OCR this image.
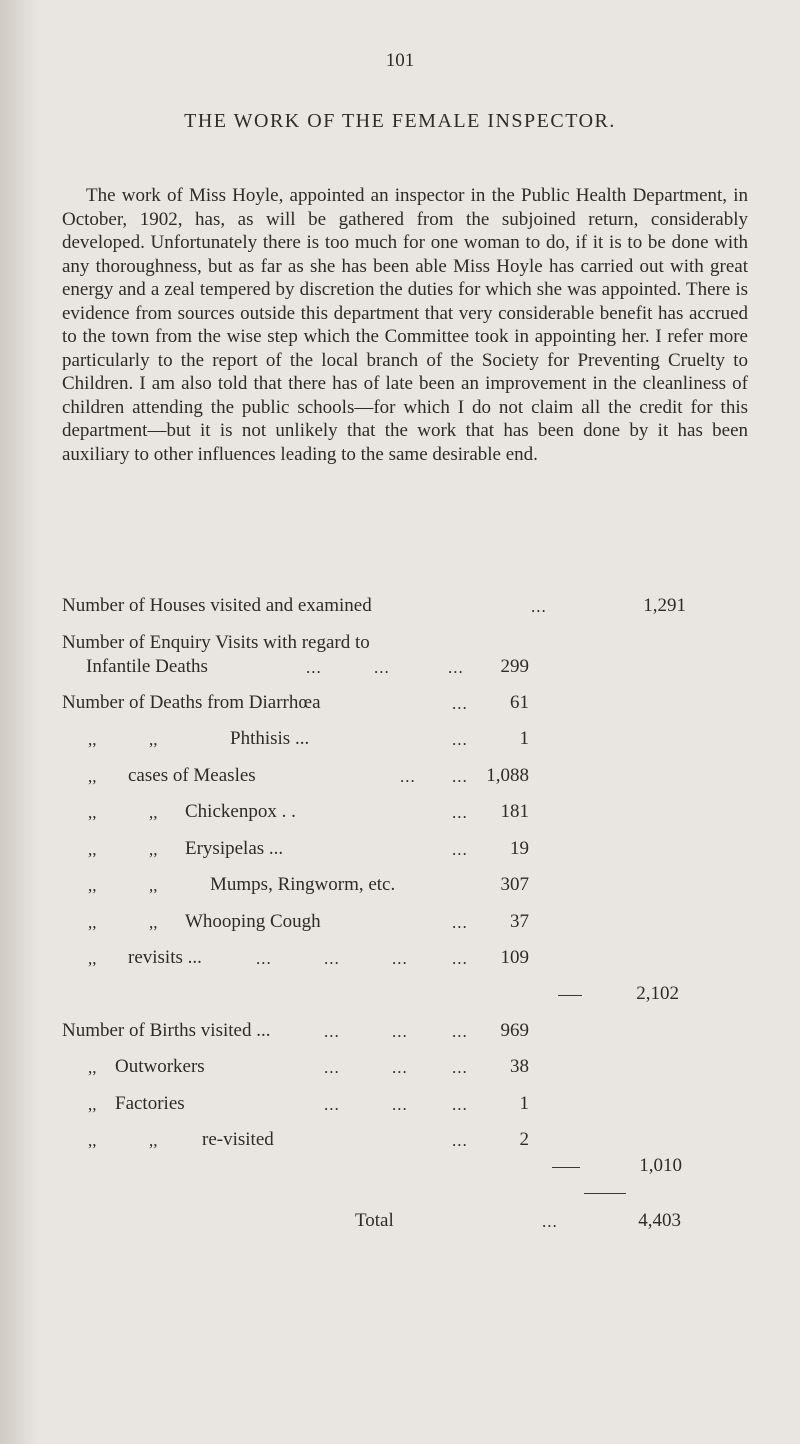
101
THE WORK OF THE FEMALE INSPECTOR.

The work of Miss Hoyle, appointed an inspector in the Public Health Department, in October, 1902, has, as will be gathered from the subjoined return, considerably developed. Unfortunately there is too much for one woman to do, if it is to be done with any thoroughness, but as far as she has been able Miss Hoyle has carried out with great energy and a zeal tempered by discretion the duties for which she was appointed. There is evidence from sources outside this department that very considerable benefit has accrued to the town from the wise step which the Committee took in appointing her. I refer more particularly to the report of the local branch of the Society for Preventing Cruelty to Children. I am also told that there has of late been an improvement in the cleanliness of children attending the public schools—for which I do not claim all the credit for this department—but it is not unlikely that the work that has been done by it has been auxiliary to other influences leading to the same desirable end.

Number of Houses visited and examined	...	1,291
Number of Enquiry Visits with regard to
Infantile Deaths	...	...	... 299
Number of Deaths from Diarrhœa	... 61
,,	,,	Phthisis ...	...	1
,, cases of Measles	... ... 1,088
,,	,, Chickenpox . .	... 181
,,	,, Erysipelas ...	... 19
,,	,,	Mumps, Ringworm, etc.	307
,,	,, Whooping Cough	... 37
,, revisits ...	...	...	...	... 109
2,102
Number of Births visited ...	...	...	... 969
,, Outworkers	...	...	... 38
,, Factories	...	...	...	1
,,	,, re-visited	...	2
1,010
Total	...	4,403
